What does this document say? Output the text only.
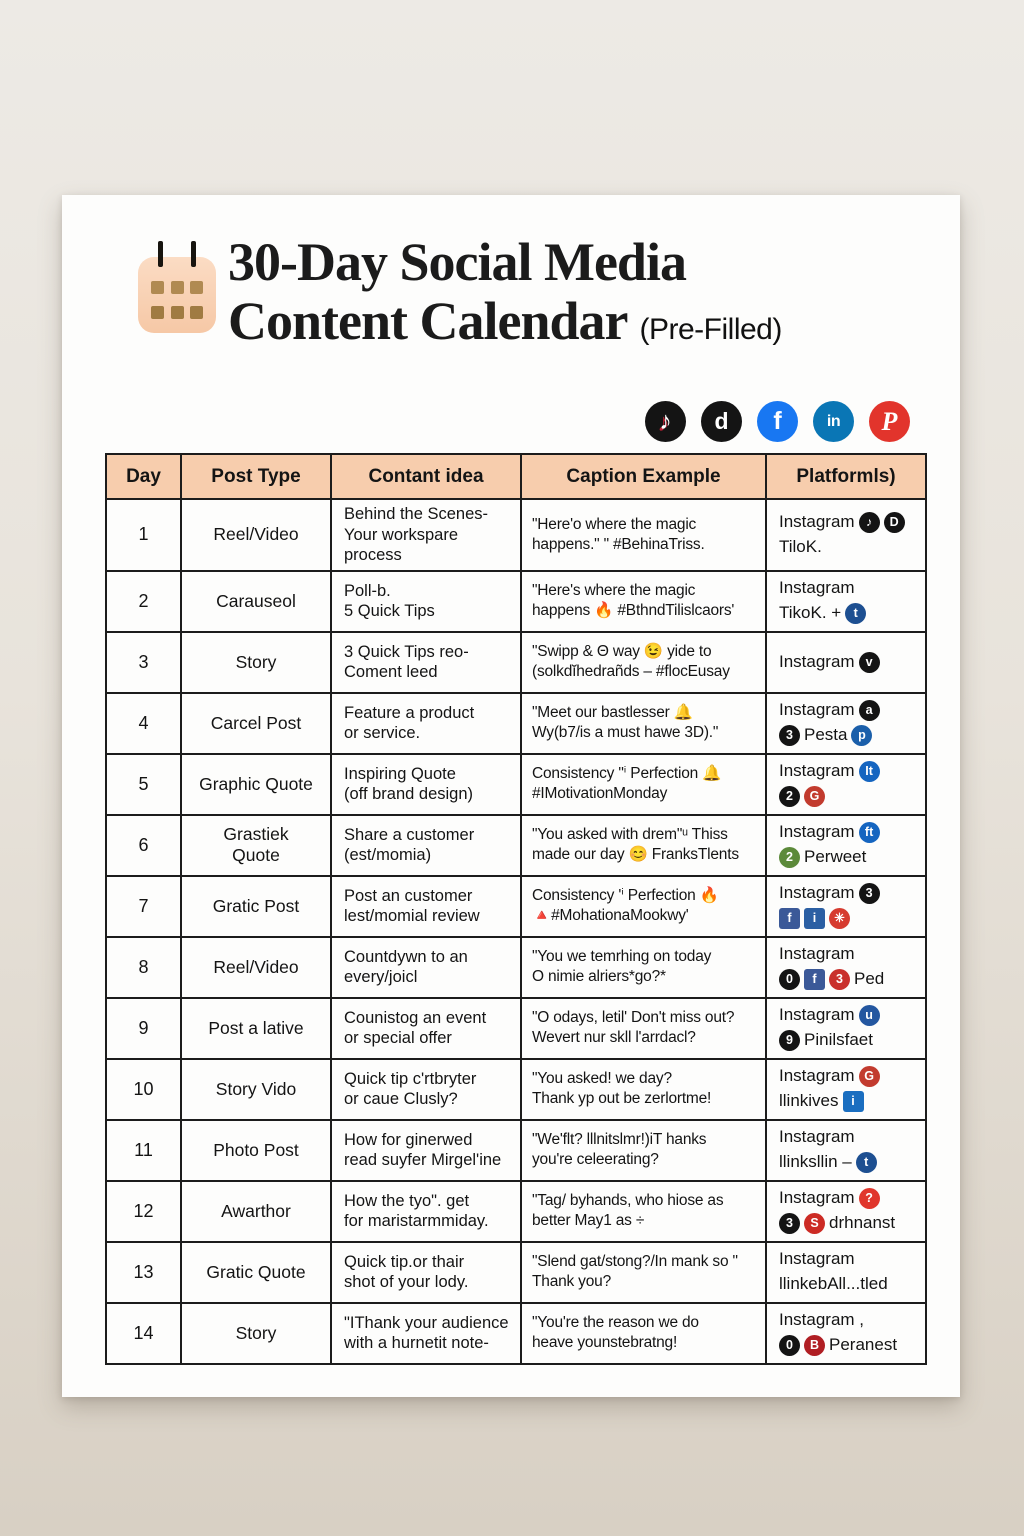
30-Day Social Media
Content Calendar (Pre-Filled)
♪	d	f	in	P
Day	Post Type	Contant idea	Caption Example	Platformls)
1	Reel/Video	Behind the Scenes-
Your workspare process	"Here'o where the magic
happens." " #BehinaTriss.	Instagram ♪ D
TiloK.

2	Carauseol	Poll-b.
5 Quick Tips	"Here's where the magic
happens 🔥 #BthndTilislcaors'	Instagram
TikoK. + t

3	Story	3 Quick Tips reo-
Coment leed	"Swipp & Θ way 😉 yide to
(solkdĭhedrañds – #flocEusay	Instagram v

4	Carcel Post	Feature a product
or service.	"Meet our bastlesser 🔔
Wy(b7/is a must hawe 3D)."	Instagram a
3 Pesta p

5	Graphic Quote	Inspiring Quote
(off brand design)	Consistency "ⁱ Perfection 🔔
#IMotivationMonday	Instagram It
2 G

6	Grastiek
Quote	Share a customer
(est/momia)	"You asked with drem"ᵘ Thiss
made our day 😊 FranksTlents	Instagram ft
2 Perweet

7	Gratic Post	Post an customer
lest/momial review	Consistency 'ⁱ Perfection 🔥
🔺#MohationaMookwy'	Instagram 3
f i ✳

8	Reel/Video	Countdywn to an
every/joicl	"You we temrhing on today
O nimie alriers*go?*	Instagram
0 f 3 Ped

9	Post a lative	Counistog an event
or special offer	"O odays, letil' Don't miss out?
Wevert nur skll l'arrdacl?	Instagram u
9 Pinilsfaet

10	Story Vido	Quick tip c'rtbryter
or caue Clusly?	"You asked! we day?
Thank yp out be zerlortme!	Instagram G
llinkives i

11	Photo Post	How for ginerwed
read suyfer Mirgel'ine	"We'flt? lllnitslmr!)iT hanks
you're celeerating?	Instagram
llinksllin – t

12	Awarthor	How the tyo". get
for maristarmmiday.	"Tag/ byhands, who hiose as
better May1 as ÷	Instagram ?
3 S drhnanst

13	Gratic Quote	Quick tip.or thair
shot of your lody.	"Slend gat/stong?/In mank so "
Thank you?	Instagram
llinkebAll...tled

14	Story	"IThank your audience
with a hurnetit note-	"You're the reason we do
heave younstebratng!	Instagram ,
0 B Peranest
